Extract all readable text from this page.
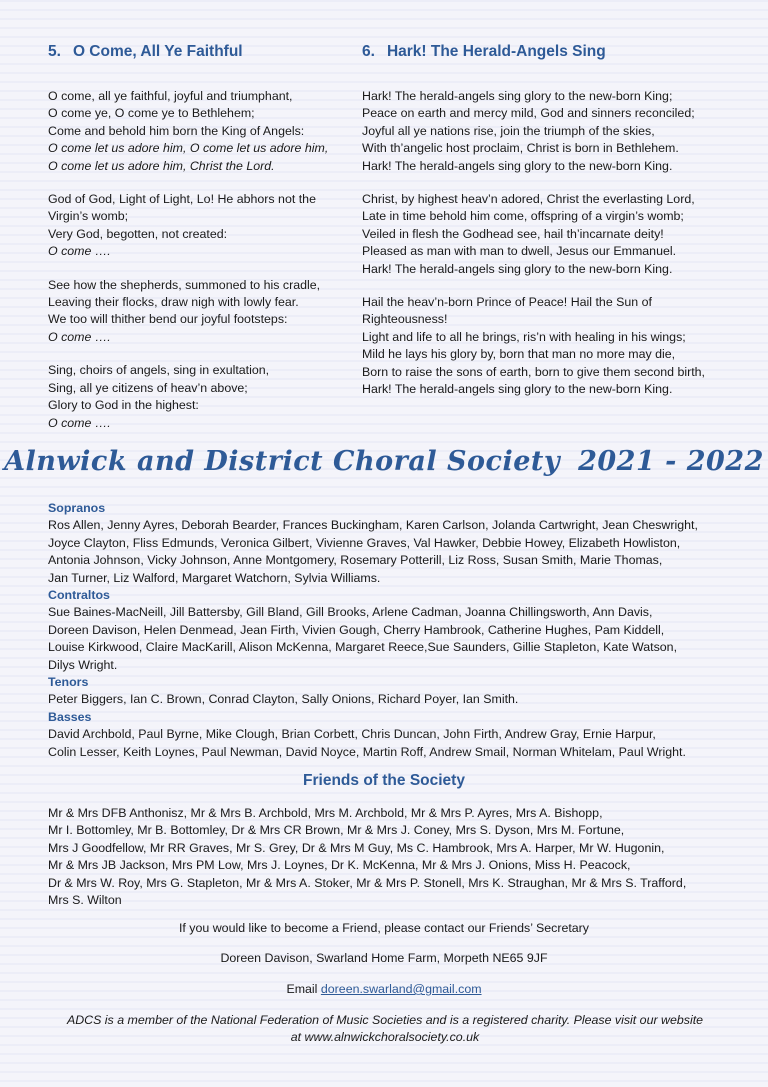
5. O Come, All Ye Faithful
O come, all ye faithful, joyful and triumphant,
O come ye, O come ye to Bethlehem;
Come and behold him born the King of Angels:
O come let us adore him, O come let us adore him,
O come let us adore him, Christ the Lord.
God of God, Light of Light, Lo! He abhors not the
Virgin’s womb;
Very God, begotten, not created:
O come ….
See how the shepherds, summoned to his cradle,
Leaving their flocks, draw nigh with lowly fear.
We too will thither bend our joyful footsteps:
O come ….
Sing, choirs of angels, sing in exultation,
Sing, all ye citizens of heav’n above;
Glory to God in the highest:
O come ….
6. Hark! The Herald-Angels Sing
Hark! The herald-angels sing glory to the new-born King;
Peace on earth and mercy mild, God and sinners reconciled;
Joyful all ye nations rise, join the triumph of the skies,
With th’angelic host proclaim, Christ is born in Bethlehem.
Hark! The herald-angels sing glory to the new-born King.
Christ, by highest heav’n adored, Christ the everlasting Lord,
Late in time behold him come, offspring of a virgin’s womb;
Veiled in flesh the Godhead see, hail th’incarnate deity!
Pleased as man with man to dwell, Jesus our Emmanuel.
Hark! The herald-angels sing glory to the new-born King.
Hail the heav’n-born Prince of Peace! Hail the Sun of
Righteousness!
Light and life to all he brings, ris’n with healing in his wings;
Mild he lays his glory by, born that man no more may die,
Born to raise the sons of earth, born to give them second birth,
Hark! The herald-angels sing glory to the new-born King.
Alnwick and District Choral Society 2021 - 2022
Sopranos
Ros Allen, Jenny Ayres, Deborah Bearder, Frances Buckingham, Karen Carlson, Jolanda Cartwright, Jean Cheswright,
Joyce Clayton, Fliss Edmunds, Veronica Gilbert, Vivienne Graves, Val Hawker, Debbie Howey, Elizabeth Howliston,
Antonia Johnson, Vicky Johnson, Anne Montgomery, Rosemary Potterill, Liz Ross, Susan Smith, Marie Thomas,
Jan Turner, Liz Walford, Margaret Watchorn, Sylvia Williams.
Contraltos
Sue Baines-MacNeill, Jill Battersby, Gill Bland, Gill Brooks, Arlene Cadman, Joanna Chillingsworth, Ann Davis,
Doreen Davison, Helen Denmead, Jean Firth, Vivien Gough, Cherry Hambrook, Catherine Hughes, Pam Kiddell,
Louise Kirkwood, Claire MacKarill, Alison McKenna, Margaret Reece,Sue Saunders, Gillie Stapleton, Kate Watson,
Dilys Wright.
Tenors
Peter Biggers, Ian C. Brown, Conrad Clayton, Sally Onions, Richard Poyer, Ian Smith.
Basses
David Archbold, Paul Byrne, Mike Clough, Brian Corbett, Chris Duncan, John Firth, Andrew Gray, Ernie Harpur,
Colin Lesser, Keith Loynes, Paul Newman, David Noyce, Martin Roff, Andrew Smail, Norman Whitelam, Paul Wright.
Friends of the Society
Mr & Mrs DFB Anthonisz, Mr & Mrs B. Archbold, Mrs M. Archbold, Mr & Mrs P. Ayres, Mrs A. Bishopp,
Mr I. Bottomley, Mr B. Bottomley, Dr & Mrs CR Brown, Mr & Mrs J. Coney, Mrs S. Dyson, Mrs M. Fortune,
Mrs J Goodfellow, Mr RR Graves, Mr S. Grey, Dr & Mrs M Guy, Ms C. Hambrook, Mrs A. Harper, Mr W. Hugonin,
Mr & Mrs JB Jackson, Mrs PM Low, Mrs J. Loynes, Dr K. McKenna, Mr & Mrs J. Onions, Miss H. Peacock,
Dr & Mrs W. Roy, Mrs G. Stapleton, Mr & Mrs A. Stoker, Mr & Mrs P. Stonell, Mrs K. Straughan, Mr & Mrs S. Trafford,
Mrs S. Wilton
If you would like to become a Friend, please contact our Friends’ Secretary
Doreen Davison, Swarland Home Farm, Morpeth NE65 9JF
Email doreen.swarland@gmail.com
ADCS is a member of the National Federation of Music Societies and is a registered charity. Please visit our website
at www.alnwickchoralsociety.co.uk
